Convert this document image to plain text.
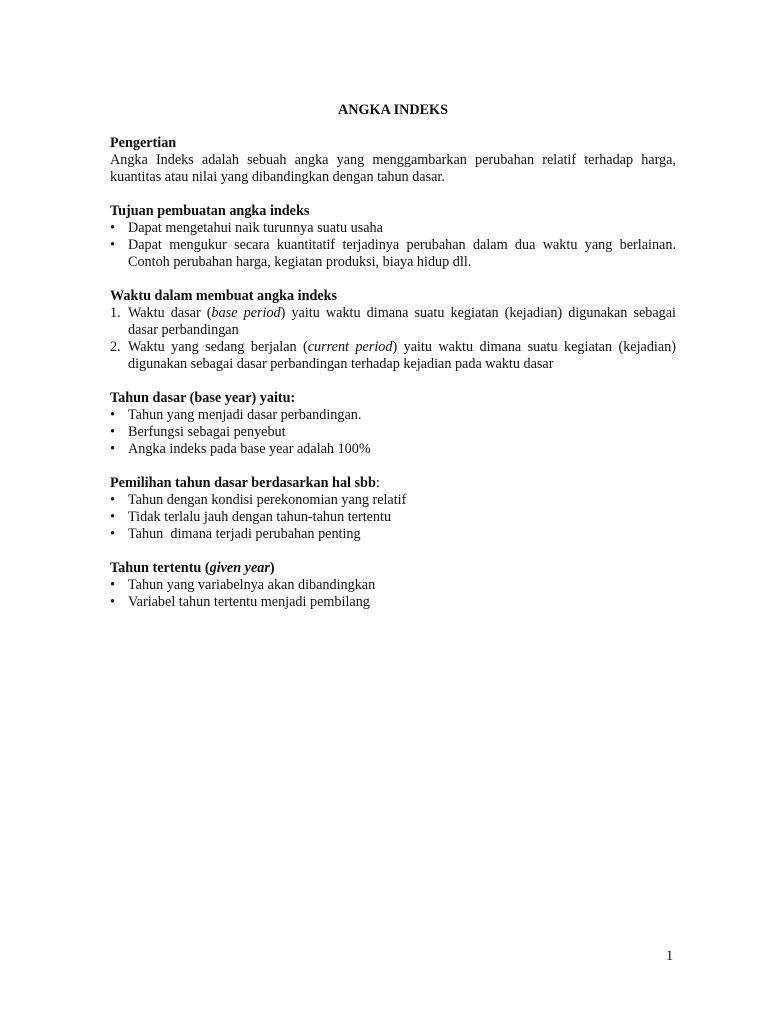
ANGKA INDEKS
Pengertian
Angka Indeks adalah sebuah angka yang menggambarkan perubahan relatif terhadap harga, kuantitas atau nilai yang dibandingkan dengan tahun dasar.
Tujuan pembuatan angka indeks
•
Dapat mengetahui naik turunnya suatu usaha
•
Dapat mengukur secara kuantitatif terjadinya perubahan dalam dua waktu yang berlainan. Contoh perubahan harga, kegiatan produksi, biaya hidup dll.
Waktu dalam membuat angka indeks
1. Waktu dasar (base period) yaitu waktu dimana suatu kegiatan (kejadian) digunakan sebagai dasar perbandingan
2. Waktu yang sedang berjalan (current period) yaitu waktu dimana suatu kegiatan (kejadian) digunakan sebagai dasar perbandingan terhadap kejadian pada waktu dasar
Tahun dasar (base year) yaitu:
•
Tahun yang menjadi dasar perbandingan.
•
Berfungsi sebagai penyebut
•
Angka indeks pada base year adalah 100%
Pemilihan tahun dasar berdasarkan hal sbb:
•
Tahun dengan kondisi perekonomian yang relatif
•
Tidak terlalu jauh dengan tahun-tahun tertentu
•
Tahun  dimana terjadi perubahan penting
Tahun tertentu (given year)
•
Tahun yang variabelnya akan dibandingkan
•
Variabel tahun tertentu menjadi pembilang
1
